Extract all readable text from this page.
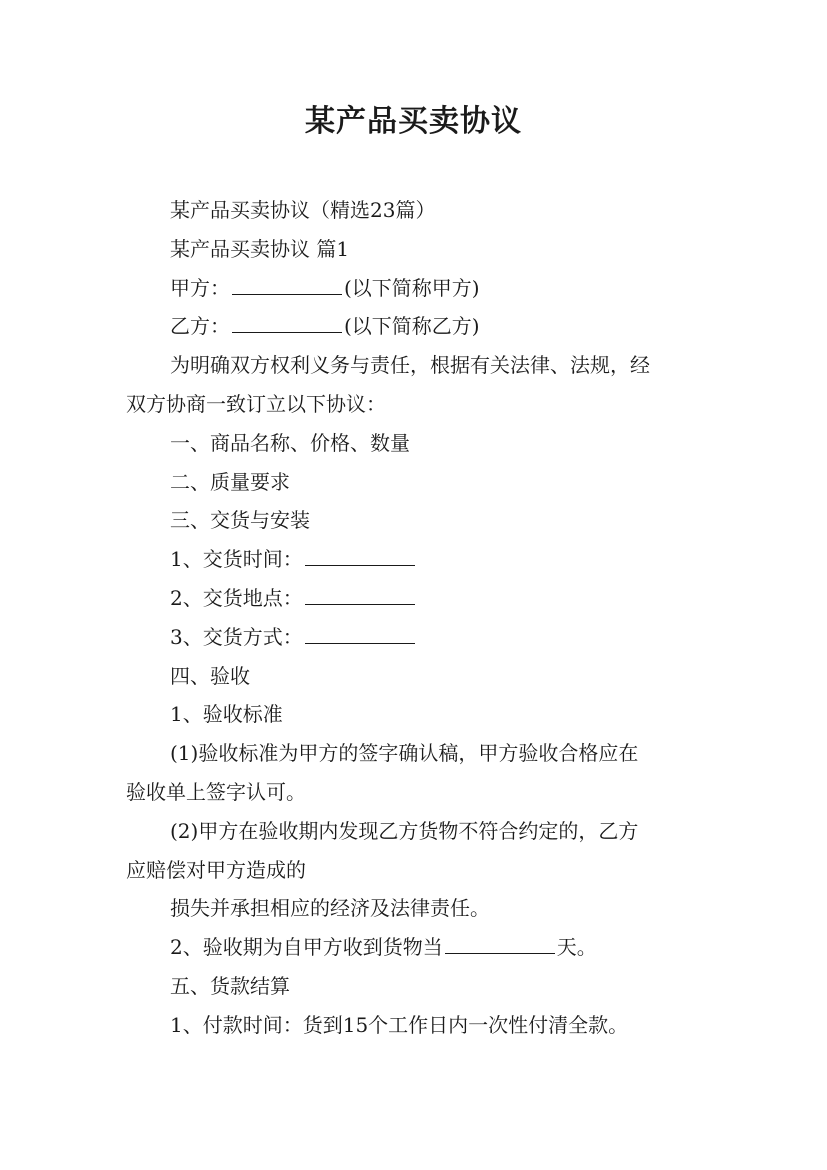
某产品买卖协议

某产品买卖协议（精选23篇）

某产品买卖协议 篇1

甲方：	(以下简称甲方)

乙方：	(以下简称乙方)

为明确双方权利义务与责任，根据有关法律、法规，经

双方协商一致订立以下协议：

一、商品名称、价格、数量

二、质量要求

三、交货与安装

1、交货时间：

2、交货地点：

3、交货方式：

四、验收

1、验收标准

(1)验收标准为甲方的签字确认稿，甲方验收合格应在

验收单上签字认可。

(2)甲方在验收期内发现乙方货物不符合约定的，乙方

应赔偿对甲方造成的

损失并承担相应的经济及法律责任。

2、验收期为自甲方收到货物当	天。

五、货款结算

1、付款时间：货到15个工作日内一次性付清全款。
